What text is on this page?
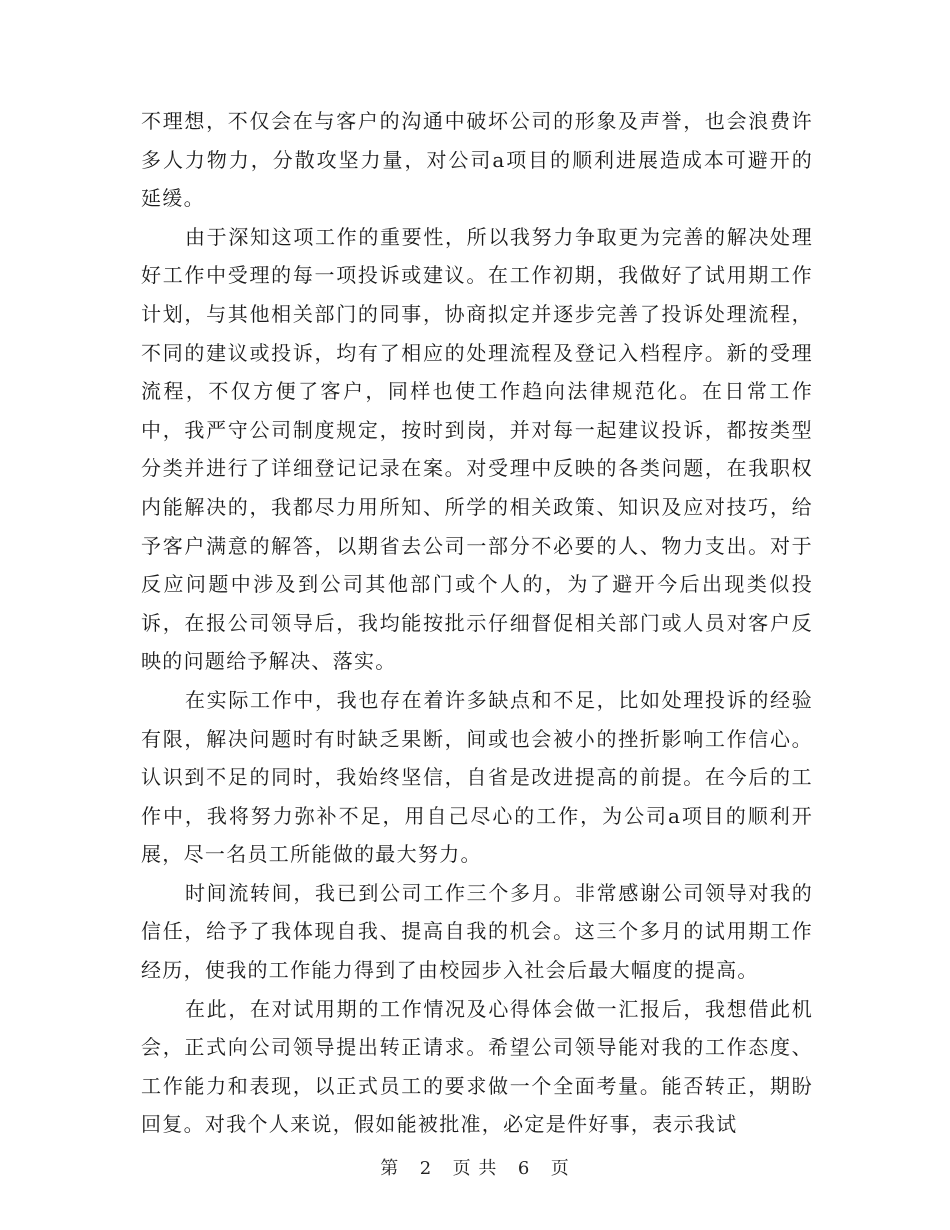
不理想，不仅会在与客户的沟通中破坏公司的形象及声誉，也会浪费许多人力物力，分散攻坚力量，对公司a项目的顺利进展造成本可避开的延缓。

由于深知这项工作的重要性，所以我努力争取更为完善的解决处理好工作中受理的每一项投诉或建议。在工作初期，我做好了试用期工作计划，与其他相关部门的同事，协商拟定并逐步完善了投诉处理流程，不同的建议或投诉，均有了相应的处理流程及登记入档程序。新的受理流程，不仅方便了客户，同样也使工作趋向法律规范化。在日常工作中，我严守公司制度规定，按时到岗，并对每一起建议投诉，都按类型分类并进行了详细登记记录在案。对受理中反映的各类问题，在我职权内能解决的，我都尽力用所知、所学的相关政策、知识及应对技巧，给予客户满意的解答，以期省去公司一部分不必要的人、物力支出。对于反应问题中涉及到公司其他部门或个人的，为了避开今后出现类似投诉，在报公司领导后，我均能按批示仔细督促相关部门或人员对客户反映的问题给予解决、落实。

在实际工作中，我也存在着许多缺点和不足，比如处理投诉的经验有限，解决问题时有时缺乏果断，间或也会被小的挫折影响工作信心。认识到不足的同时，我始终坚信，自省是改进提高的前提。在今后的工作中，我将努力弥补不足，用自己尽心的工作，为公司a项目的顺利开展，尽一名员工所能做的最大努力。

时间流转间，我已到公司工作三个多月。非常感谢公司领导对我的信任，给予了我体现自我、提高自我的机会。这三个多月的试用期工作经历，使我的工作能力得到了由校园步入社会后最大幅度的提高。

在此，在对试用期的工作情况及心得体会做一汇报后，我想借此机会，正式向公司领导提出转正请求。希望公司领导能对我的工作态度、工作能力和表现，以正式员工的要求做一个全面考量。能否转正，期盼回复。对我个人来说，假如能被批准，必定是件好事，表示我试

第 2 页 共 6 页
